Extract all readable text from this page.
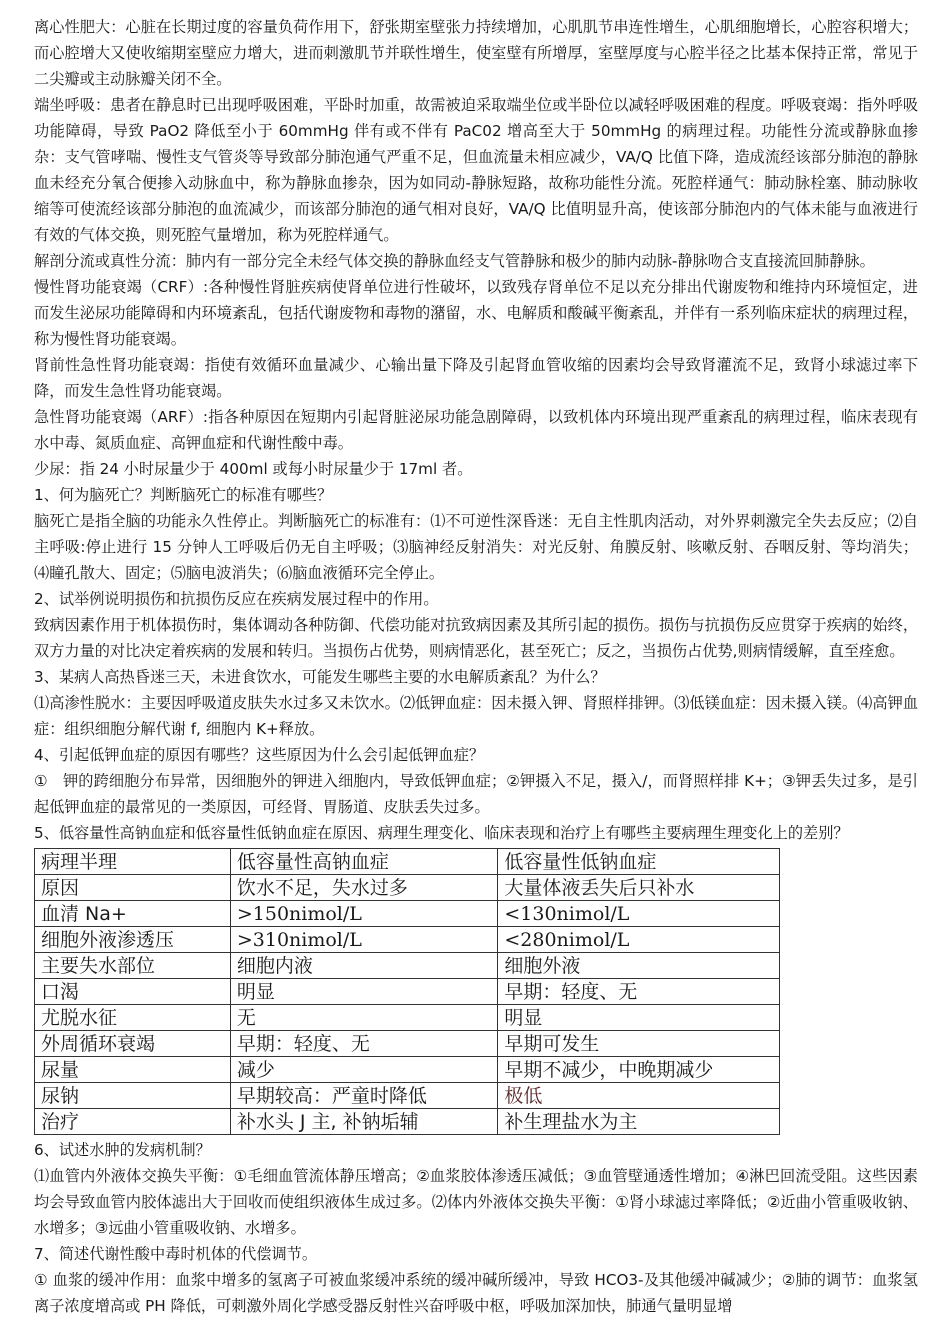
离心性肥大：心脏在长期过度的容量负荷作用下，舒张期室壁张力持续增加，心肌肌节串连性增生，心肌细胞增长，心腔容积增大；而心腔增大又使收缩期室壁应力增大，进而刺激肌节并联性增生，使室壁有所增厚，室壁厚度与心腔半径之比基本保持正常，常见于二尖瓣或主动脉瓣关闭不全。

端坐呼吸：患者在静息时已出现呼吸困难，平卧时加重，故需被迫采取端坐位或半卧位以减轻呼吸困难的程度。呼吸衰竭：指外呼吸功能障碍，导致 PaO2 降低至小于 60mmHg 伴有或不伴有 PaC02 增高至大于 50mmHg 的病理过程。功能性分流或静脉血掺杂：支气管哮喘、慢性支气管炎等导致部分肺泡通气严重不足，但血流量未相应减少，VA/Q 比值下降，造成流经该部分肺泡的静脉血未经充分氧合便掺入动脉血中，称为静脉血掺杂，因为如同动-静脉短路，故称功能性分流。死腔样通气：肺动脉栓塞、肺动脉收缩等可使流经该部分肺泡的血流减少，而该部分肺泡的通气相对良好，VA/Q 比值明显升高，使该部分肺泡内的气体未能与血液进行有效的气体交换，则死腔气量增加，称为死腔样通气。

解剖分流或真性分流：肺内有一部分完全未经气体交换的静脉血经支气管静脉和极少的肺内动脉-静脉吻合支直接流回肺静脉。

慢性肾功能衰竭（CRF）:各种慢性肾脏疾病使肾单位进行性破坏，以致残存肾单位不足以充分排出代谢废物和维持内环境恒定，进而发生泌尿功能障碍和内环境紊乱，包括代谢废物和毒物的潴留，水、电解质和酸碱平衡紊乱，并伴有一系列临床症状的病理过程，称为慢性肾功能衰竭。

肾前性急性肾功能衰竭：指使有效循环血量减少、心输出量下降及引起肾血管收缩的因素均会导致肾灌流不足，致肾小球滤过率下降，而发生急性肾功能衰竭。

急性肾功能衰竭（ARF）:指各种原因在短期内引起肾脏泌尿功能急剧障碍，以致机体内环境出现严重紊乱的病理过程，临床表现有水中毒、氮质血症、高钾血症和代谢性酸中毒。

少尿：指 24 小时尿量少于 400ml 或每小时尿量少于 17ml 者。

1、何为脑死亡？判断脑死亡的标准有哪些？

脑死亡是指全脑的功能永久性停止。判断脑死亡的标准有：⑴不可逆性深昏迷：无自主性肌肉活动，对外界刺激完全失去反应；⑵自主呼吸:停止进行 15 分钟人工呼吸后仍无自主呼吸；⑶脑神经反射消失：对光反射、角膜反射、咳嗽反射、吞咽反射、等均消失；⑷瞳孔散大、固定；⑸脑电波消失；⑹脑血液循环完全停止。

2、试举例说明损伤和抗损伤反应在疾病发展过程中的作用。

致病因素作用于机体损伤时，集体调动各种防御、代偿功能对抗致病因素及其所引起的损伤。损伤与抗损伤反应贯穿于疾病的始终，双方力量的对比决定着疾病的发展和转归。当损伤占优势，则病情恶化，甚至死亡；反之，当损伤占优势,则病情缓解，直至痊愈。

3、某病人高热昏迷三天，未进食饮水，可能发生哪些主要的水电解质紊乱？为什么？

⑴高渗性脱水：主要因呼吸道皮肤失水过多又未饮水。⑵低钾血症：因未摄入钾、肾照样排钾。⑶低镁血症：因未摄入镁。⑷高钾血症：组织细胞分解代谢 f, 细胞内 K+释放。

4、引起低钾血症的原因有哪些？这些原因为什么会引起低钾血症？

①　钾的跨细胞分布异常，因细胞外的钾进入细胞内，导致低钾血症；②钾摄入不足，摄入/，而肾照样排 K+；③钾丢失过多，是引起低钾血症的最常见的一类原因，可经肾、胃肠道、皮肤丢失过多。

5、低容量性高钠血症和低容量性低钠血症在原因、病理生理变化、临床表现和治疗上有哪些主要病理生理变化上的差别？

病理半理	低容量性高钠血症	低容量性低钠血症
原因	饮水不足，失水过多	大量体液丢失后只补水
血清 Na+	>150nimol/L	<130nimol/L
细胞外液渗透压	>310nimol/L	<280nimol/L
主要失水部位	细胞内液	细胞外液
口渴	明显	早期：轻度、无
尤脱水征	无	明显
外周循环衰竭	早期：轻度、无	早期可发生
尿量	减少	早期不减少，中晚期减少
尿钠	早期较高：严童时降低	极低
治疗	补水头 J 主, 补钠垢辅	补生理盐水为主

6、试述水肿的发病机制？

⑴血管内外液体交换失平衡：①毛细血管流体静压增高；②血浆胶体渗透压减低；③血管壁通透性增加；④淋巴回流受阻。这些因素均会导致血管内胶体滤出大于回收而使组织液体生成过多。⑵体内外液体交换失平衡：①肾小球滤过率降低；②近曲小管重吸收钠、水增多；③远曲小管重吸收钠、水增多。

7、简述代谢性酸中毒时机体的代偿调节。

① 血浆的缓冲作用：血浆中增多的氢离子可被血浆缓冲系统的缓冲碱所缓冲，导致 HCO3-及其他缓冲碱减少；②肺的调节：血浆氢离子浓度增高或 PH 降低，可刺激外周化学感受器反射性兴奋呼吸中枢，呼吸加深加快，肺通气量明显增
